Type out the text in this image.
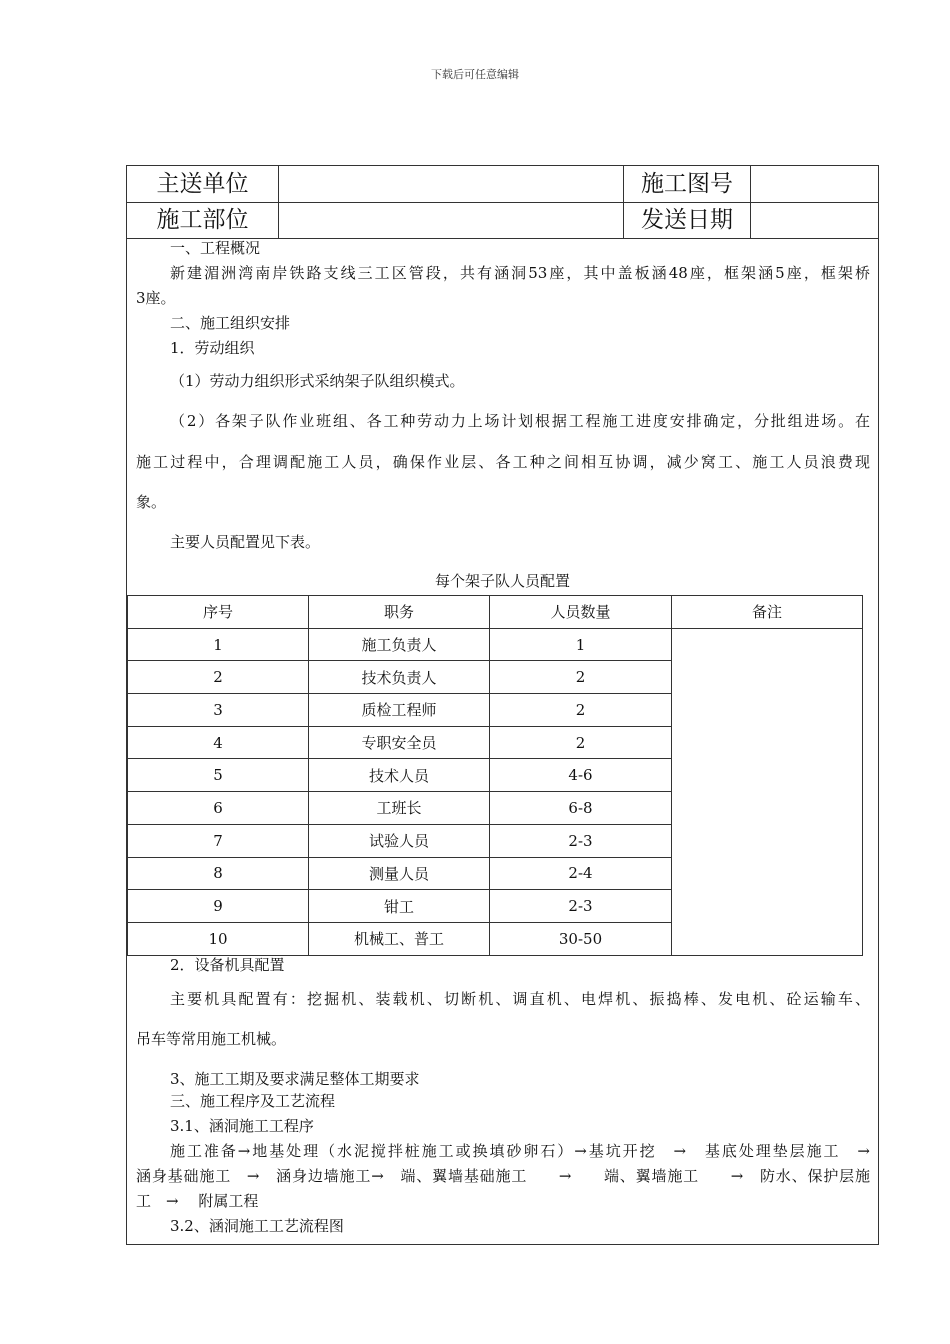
下载后可任意编辑
主送单位	施工图号
施工部位	发送日期
一、工程概况
新建湄洲湾南岸铁路支线三工区管段，共有涵洞53座，其中盖板涵48座，框架涵5座，框架桥
3座。
二、施工组织安排
1．劳动组织
（1）劳动力组织形式采纳架子队组织模式。
（2）各架子队作业班组、各工种劳动力上场计划根据工程施工进度安排确定，分批组进场。在
施工过程中，合理调配施工人员，确保作业层、各工种之间相互协调，减少窝工、施工人员浪费现
象。
主要人员配置见下表。
每个架子队人员配置
序号	职务	人员数量	备注
1	施工负责人	1	
2	技术负责人	2	
3	质检工程师	2	
4	专职安全员	2	
5	技术人员	4-6	
6	工班长	6-8	
7	试验人员	2-3	
8	测量人员	2-4	
9	钳工	2-3	
10	机械工、普工	30-50	
2．设备机具配置
主要机具配置有：挖掘机、装载机、切断机、调直机、电焊机、振捣棒、发电机、砼运输车、
吊车等常用施工机械。
3、施工工期及要求满足整体工期要求
三、施工程序及工艺流程
3.1、涵洞施工工程序
施工准备→地基处理（水泥搅拌桩施工或换填砂卵石）→基坑开挖　→　基底处理垫层施工　→
涵身基础施工　→　涵身边墙施工→　端、翼墙基础施工　　→　　端、翼墙施工　　→　防水、保护层施
工　→　 附属工程
3.2、涵洞施工工艺流程图
